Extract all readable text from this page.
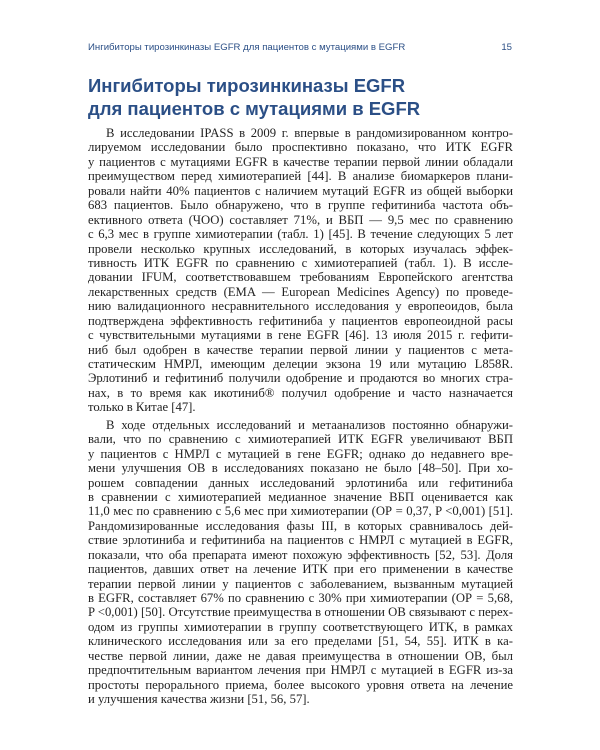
Ингибиторы тирозинкиназы EGFR для пациентов с мутациями в EGFR	15
Ингибиторы тирозинкиназы EGFR
для пациентов с мутациями в EGFR

В исследовании IPASS в 2009 г. впервые в рандомизированном контро-
лируемом исследовании было проспективно показано, что ИТК EGFR
у пациентов с мутациями EGFR в качестве терапии первой линии обладали
преимуществом перед химиотерапией [44]. В анализе биомаркеров плани-
ровали найти 40% пациентов с наличием мутаций EGFR из общей выборки
683 пациентов. Было обнаружено, что в группе гефитиниба частота объ-
ективного ответа (ЧОО) составляет 71%, и ВБП — 9,5 мес по сравнению
с 6,3 мес в группе химиотерапии (табл. 1) [45]. В течение следующих 5 лет
провели несколько крупных исследований, в которых изучалась эффек-
тивность ИТК EGFR по сравнению с химиотерапией (табл. 1). В иссле-
довании IFUM, соответствовавшем требованиям Европейского агентства
лекарственных средств (EMA — European Medicines Agency) по проведе-
нию валидационного несравнительного исследования у европеоидов, была
подтверждена эффективность гефитиниба у пациентов европеоидной расы
с чувствительными мутациями в гене EGFR [46]. 13 июля 2015 г. гефити-
ниб был одобрен в качестве терапии первой линии у пациентов с мета-
статическим НМРЛ, имеющим делеции экзона 19 или мутацию L858R.
Эрлотиниб и гефитиниб получили одобрение и продаются во многих стра-
нах, в то время как икотиниб® получил одобрение и часто назначается
только в Китае [47].

В ходе отдельных исследований и метаанализов постоянно обнаружи-
вали, что по сравнению с химиотерапией ИТК EGFR увеличивают ВБП
у пациентов с НМРЛ с мутацией в гене EGFR; однако до недавнего вре-
мени улучшения ОВ в исследованиях показано не было [48–50]. При хо-
рошем совпадении данных исследований эрлотиниба или гефитиниба
в сравнении с химиотерапией медианное значение ВБП оценивается как
11,0 мес по сравнению с 5,6 мес при химиотерапии (ОР = 0,37, P <0,001) [51].
Рандомизированные исследования фазы III, в которых сравнивалось дей-
ствие эрлотиниба и гефитиниба на пациентов с НМРЛ с мутацией в EGFR,
показали, что оба препарата имеют похожую эффективность [52, 53]. Доля
пациентов, давших ответ на лечение ИТК при его применении в качестве
терапии первой линии у пациентов с заболеванием, вызванным мутацией
в EGFR, составляет 67% по сравнению с 30% при химиотерапии (ОР = 5,68,
P <0,001) [50]. Отсутствие преимущества в отношении ОВ связывают с перех-
одом из группы химиотерапии в группу соответствующего ИТК, в рамках
клинического исследования или за его пределами [51, 54, 55]. ИТК в ка-
честве первой линии, даже не давая преимущества в отношении ОВ, был
предпочтительным вариантом лечения при НМРЛ с мутацией в EGFR из-за
простоты перорального приема, более высокого уровня ответа на лечение
и улучшения качества жизни [51, 56, 57].
